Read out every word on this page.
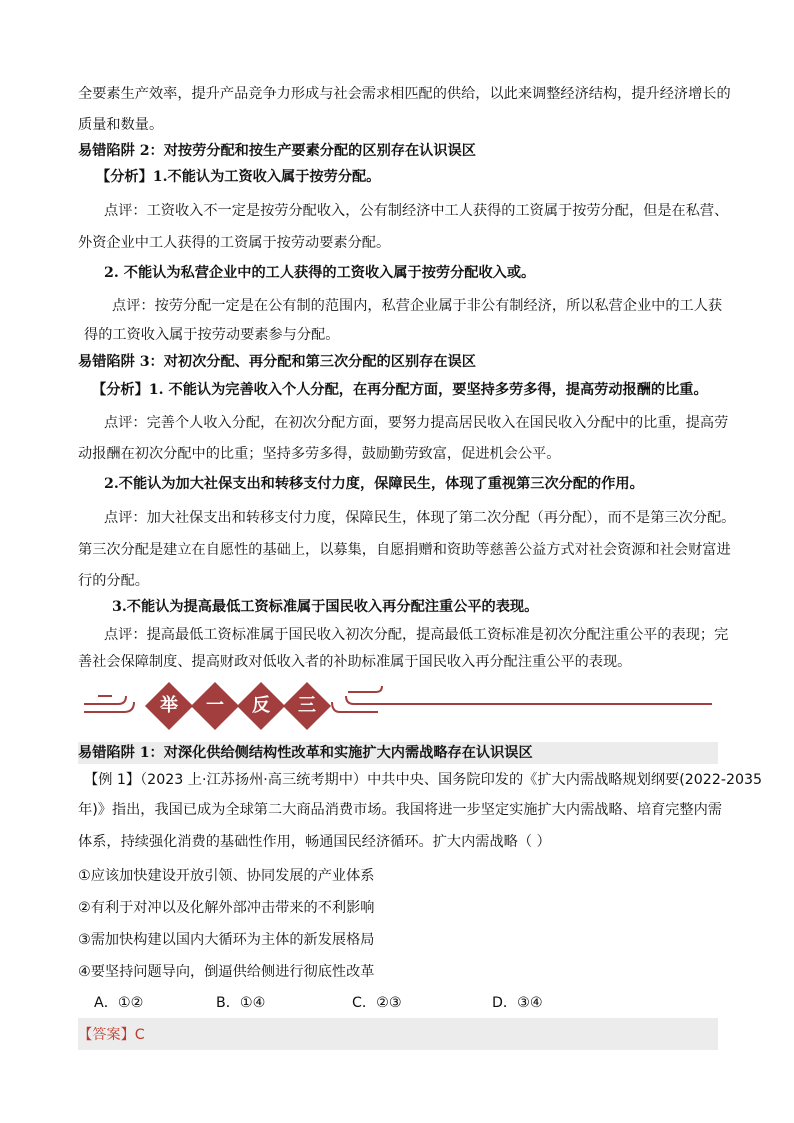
全要素生产效率，提升产品竞争力形成与社会需求相匹配的供给，以此来调整经济结构，提升经济增长的
质量和数量。
易错陷阱 2：对按劳分配和按生产要素分配的区别存在认识误区
【分析】1.不能认为工资收入属于按劳分配。
点评：工资收入不一定是按劳分配收入，公有制经济中工人获得的工资属于按劳分配，但是在私营、
外资企业中工人获得的工资属于按劳动要素分配。
2. 不能认为私营企业中的工人获得的工资收入属于按劳分配收入或。
点评：按劳分配一定是在公有制的范围内，私营企业属于非公有制经济，所以私营企业中的工人获
得的工资收入属于按劳动要素参与分配。
易错陷阱 3：对初次分配、再分配和第三次分配的区别存在误区
【分析】1. 不能认为完善收入个人分配，在再分配方面，要坚持多劳多得，提高劳动报酬的比重。
点评：完善个人收入分配，在初次分配方面，要努力提高居民收入在国民收入分配中的比重，提高劳
动报酬在初次分配中的比重；坚持多劳多得，鼓励勤劳致富，促进机会公平。
2.不能认为加大社保支出和转移支付力度，保障民生，体现了重视第三次分配的作用。
点评：加大社保支出和转移支付力度，保障民生，体现了第二次分配（再分配），而不是第三次分配。
第三次分配是建立在自愿性的基础上，以募集，自愿捐赠和资助等慈善公益方式对社会资源和社会财富进
行的分配。
3.不能认为提高最低工资标准属于国民收入再分配注重公平的表现。
点评：提高最低工资标准属于国民收入初次分配，提高最低工资标准是初次分配注重公平的表现；完
善社会保障制度、提高财政对低收入者的补助标准属于国民收入再分配注重公平的表现。
举	一	反	三
易错陷阱 1：对深化供给侧结构性改革和实施扩大内需战略存在认识误区
【例 1】（2023 上·江苏扬州·高三统考期中）中共中央、国务院印发的《扩大内需战略规划纲要(2022-2035
年)》指出，我国已成为全球第二大商品消费市场。我国将进一步坚定实施扩大内需战略、培育完整内需
体系，持续强化消费的基础性作用，畅通国民经济循环。扩大内需战略（ ）
①应该加快建设开放引领、协同发展的产业体系
②有利于对冲以及化解外部冲击带来的不利影响
③需加快构建以国内大循环为主体的新发展格局
④要坚持问题导向，倒逼供给侧进行彻底性改革
A．①②	B．①④	C．②③	D．③④
【答案】C
